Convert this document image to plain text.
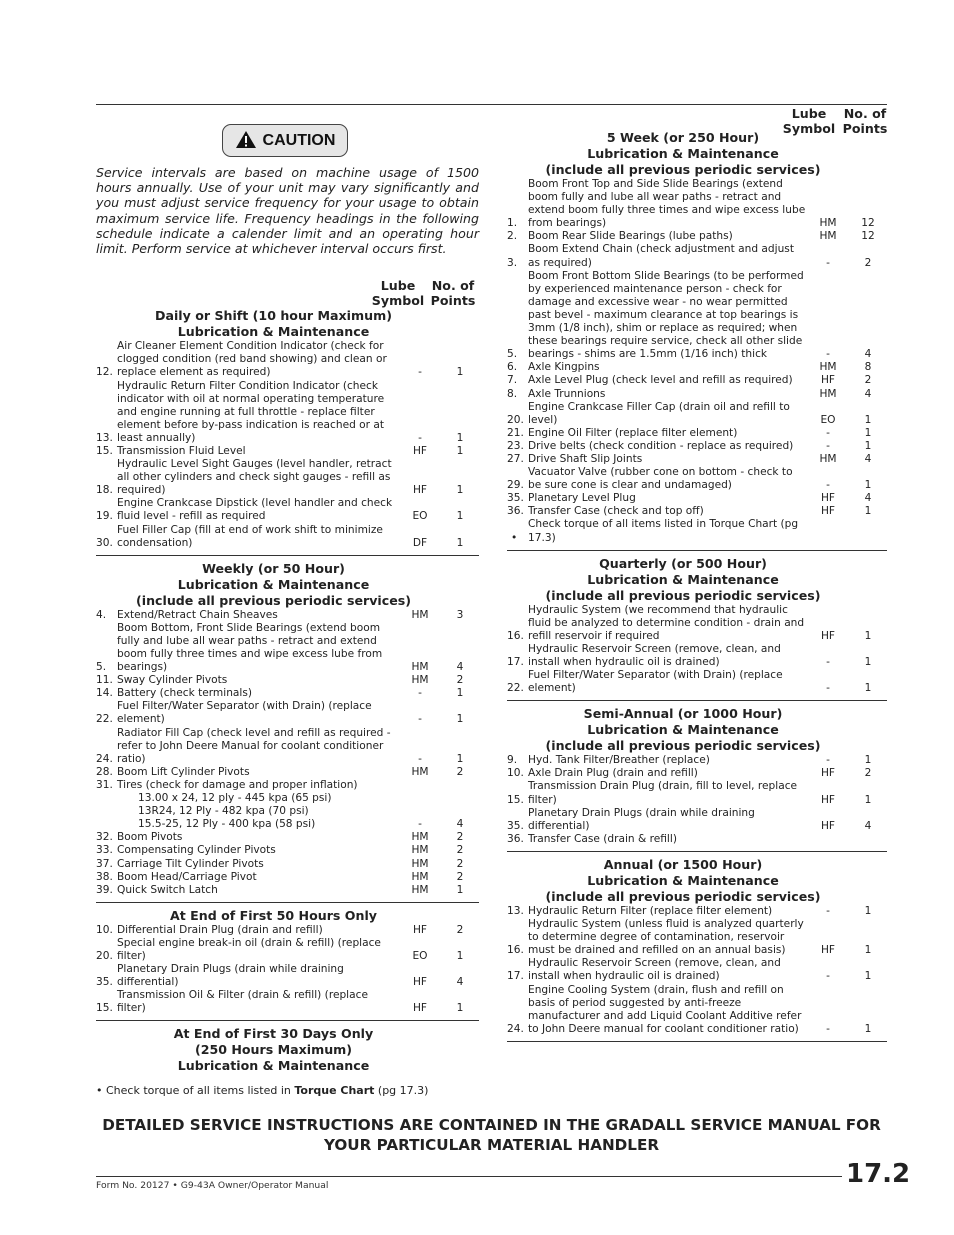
CAUTION
Service intervals are based on machine usage of 1500 hours annually. Use of your unit may vary significantly and you must adjust service frequency for your usage to obtain maximum service life. Frequency headings in the following schedule indicate a calender limit and an operating hour limit. Perform service at whichever interval occurs first.
Lube
Symbol
No. of
Points
Daily or Shift (10 hour Maximum)
Lubrication & Maintenance
12.
Air Cleaner Element Condition Indicator (check for clogged condition (red band showing) and clean or replace element as required)	-	1
13.
Hydraulic Return Filter Condition Indicator (check indicator with oil at normal operating temperature and engine running at full throttle - replace filter element before by-pass indication is reached or at least annually)	-	1
15. Transmission Fluid Level	HF	1
18.
Hydraulic Level Sight Gauges (level handler, retract all other cylinders and check sight gauges - refill as required)	HF	1
19.
Engine Crankcase Dipstick (level handler and check fluid level - refill as required	EO	1
30.
Fuel Filler Cap (fill at end of work shift to minimize condensation)	DF	1
Weekly (or 50 Hour)
Lubrication & Maintenance
(include all previous periodic services)
4.	Extend/Retract Chain Sheaves	HM	3
5.
Boom Bottom, Front Slide Bearings (extend boom fully and lube all wear paths - retract and extend boom fully three times and wipe excess lube from bearings)	HM	4
11. Sway Cylinder Pivots	HM	2
14. Battery (check terminals)	-	1
22.
Fuel Filter/Water Separator (with Drain) (replace element)	-	1
24.
Radiator Fill Cap (check level and refill as required - refer to John Deere Manual for coolant conditioner ratio)	-	1
28. Boom Lift Cylinder Pivots	HM	2
31. Tires (check for damage and proper inflation)
13.00 x 24, 12 ply - 445 kpa (65 psi)
13R24, 12 Ply - 482 kpa (70 psi)
15.5-25, 12 Ply - 400 kpa (58 psi)	-	4
32. Boom Pivots	HM	2
33. Compensating Cylinder Pivots	HM	2
37. Carriage Tilt Cylinder Pivots	HM	2
38. Boom Head/Carriage Pivot	HM	2
39. Quick Switch Latch	HM	1
At End of First 50 Hours Only
10. Differential Drain Plug (drain and refill)	HF	2
20.
Special engine break-in oil (drain & refill) (replace filter)	EO	1
35.
Planetary Drain Plugs (drain while draining differential)	HF	4
15.
Transmission Oil & Filter (drain & refill) (replace filter)	HF	1
At End of First 30 Days Only
(250 Hours Maximum)
Lubrication & Maintenance
• Check torque of all items listed in Torque Chart (pg 17.3)
Lube
Symbol
No. of
Points
5 Week (or 250 Hour)
Lubrication & Maintenance
(include all previous periodic services)
1.
Boom Front Top and Side Slide Bearings (extend boom fully and lube all wear paths - retract and extend boom fully three times and wipe excess lube from bearings)	HM	12
2.	Boom Rear Slide Bearings (lube paths)	HM	12
3.
Boom Extend Chain (check adjustment and adjust as required)	-	2
5.
Boom Front Bottom Slide Bearings (to be performed by experienced maintenance person - check for damage and excessive wear - no wear permitted past bevel - maximum clearance at top bearings is 3mm (1/8 inch), shim or replace as required; when these bearings require service, check all other slide bearings - shims are 1.5mm (1/16 inch) thick	-	4
6.	Axle Kingpins	HM	8
7.	Axle Level Plug (check level and refill as required)	HF	2
8.	Axle Trunnions	HM	4
20.
Engine Crankcase Filler Cap (drain oil and refill to level)	EO	1
21. Engine Oil Filter (replace filter element)	-	1
23. Drive belts (check condition - replace as required)	-	1
27. Drive Shaft Slip Joints	HM	4
29.
Vacuator Valve (rubber cone on bottom - check to be sure cone is clear and undamaged)	-	1
35. Planetary Level Plug	HF	4
36. Transfer Case (check and top off)	HF	1
•
Check torque of all items listed in Torque Chart (pg 17.3)
Quarterly (or 500 Hour)
Lubrication & Maintenance
(include all previous periodic services)
16.
Hydraulic System (we recommend that hydraulic fluid be analyzed to determine condition - drain and refill reservoir if required	HF	1
17.
Hydraulic Reservoir Screen (remove, clean, and install when hydraulic oil is drained)	-	1
22.
Fuel Filter/Water Separator (with Drain) (replace element)	-	1
Semi-Annual (or 1000 Hour)
Lubrication & Maintenance
(include all previous periodic services)
9.	Hyd. Tank Filter/Breather (replace)	-	1
10. Axle Drain Plug (drain and refill)	HF	2
15.
Transmission Drain Plug (drain, fill to level, replace filter)	HF	1
35.
Planetary Drain Plugs (drain while draining differential)	HF	4
36. Transfer Case (drain & refill)
Annual (or 1500 Hour)
Lubrication & Maintenance
(include all previous periodic services)
13. Hydraulic Return Filter (replace filter element)	-	1
16.
Hydraulic System (unless fluid is analyzed quarterly to determine degree of contamination, reservoir must be drained and refilled on an annual basis)	HF	1
17.
Hydraulic Reservoir Screen (remove, clean, and install when hydraulic oil is drained)	-	1
24.
Engine Cooling System (drain, flush and refill on basis of period suggested by anti-freeze manufacturer and add Liquid Coolant Additive refer to John Deere manual for coolant conditioner ratio)	-	1
DETAILED SERVICE INSTRUCTIONS ARE CONTAINED IN THE GRADALL SERVICE MANUAL FOR YOUR PARTICULAR MATERIAL HANDLER
Form No. 20127 • G9-43A Owner/Operator Manual	17.2
